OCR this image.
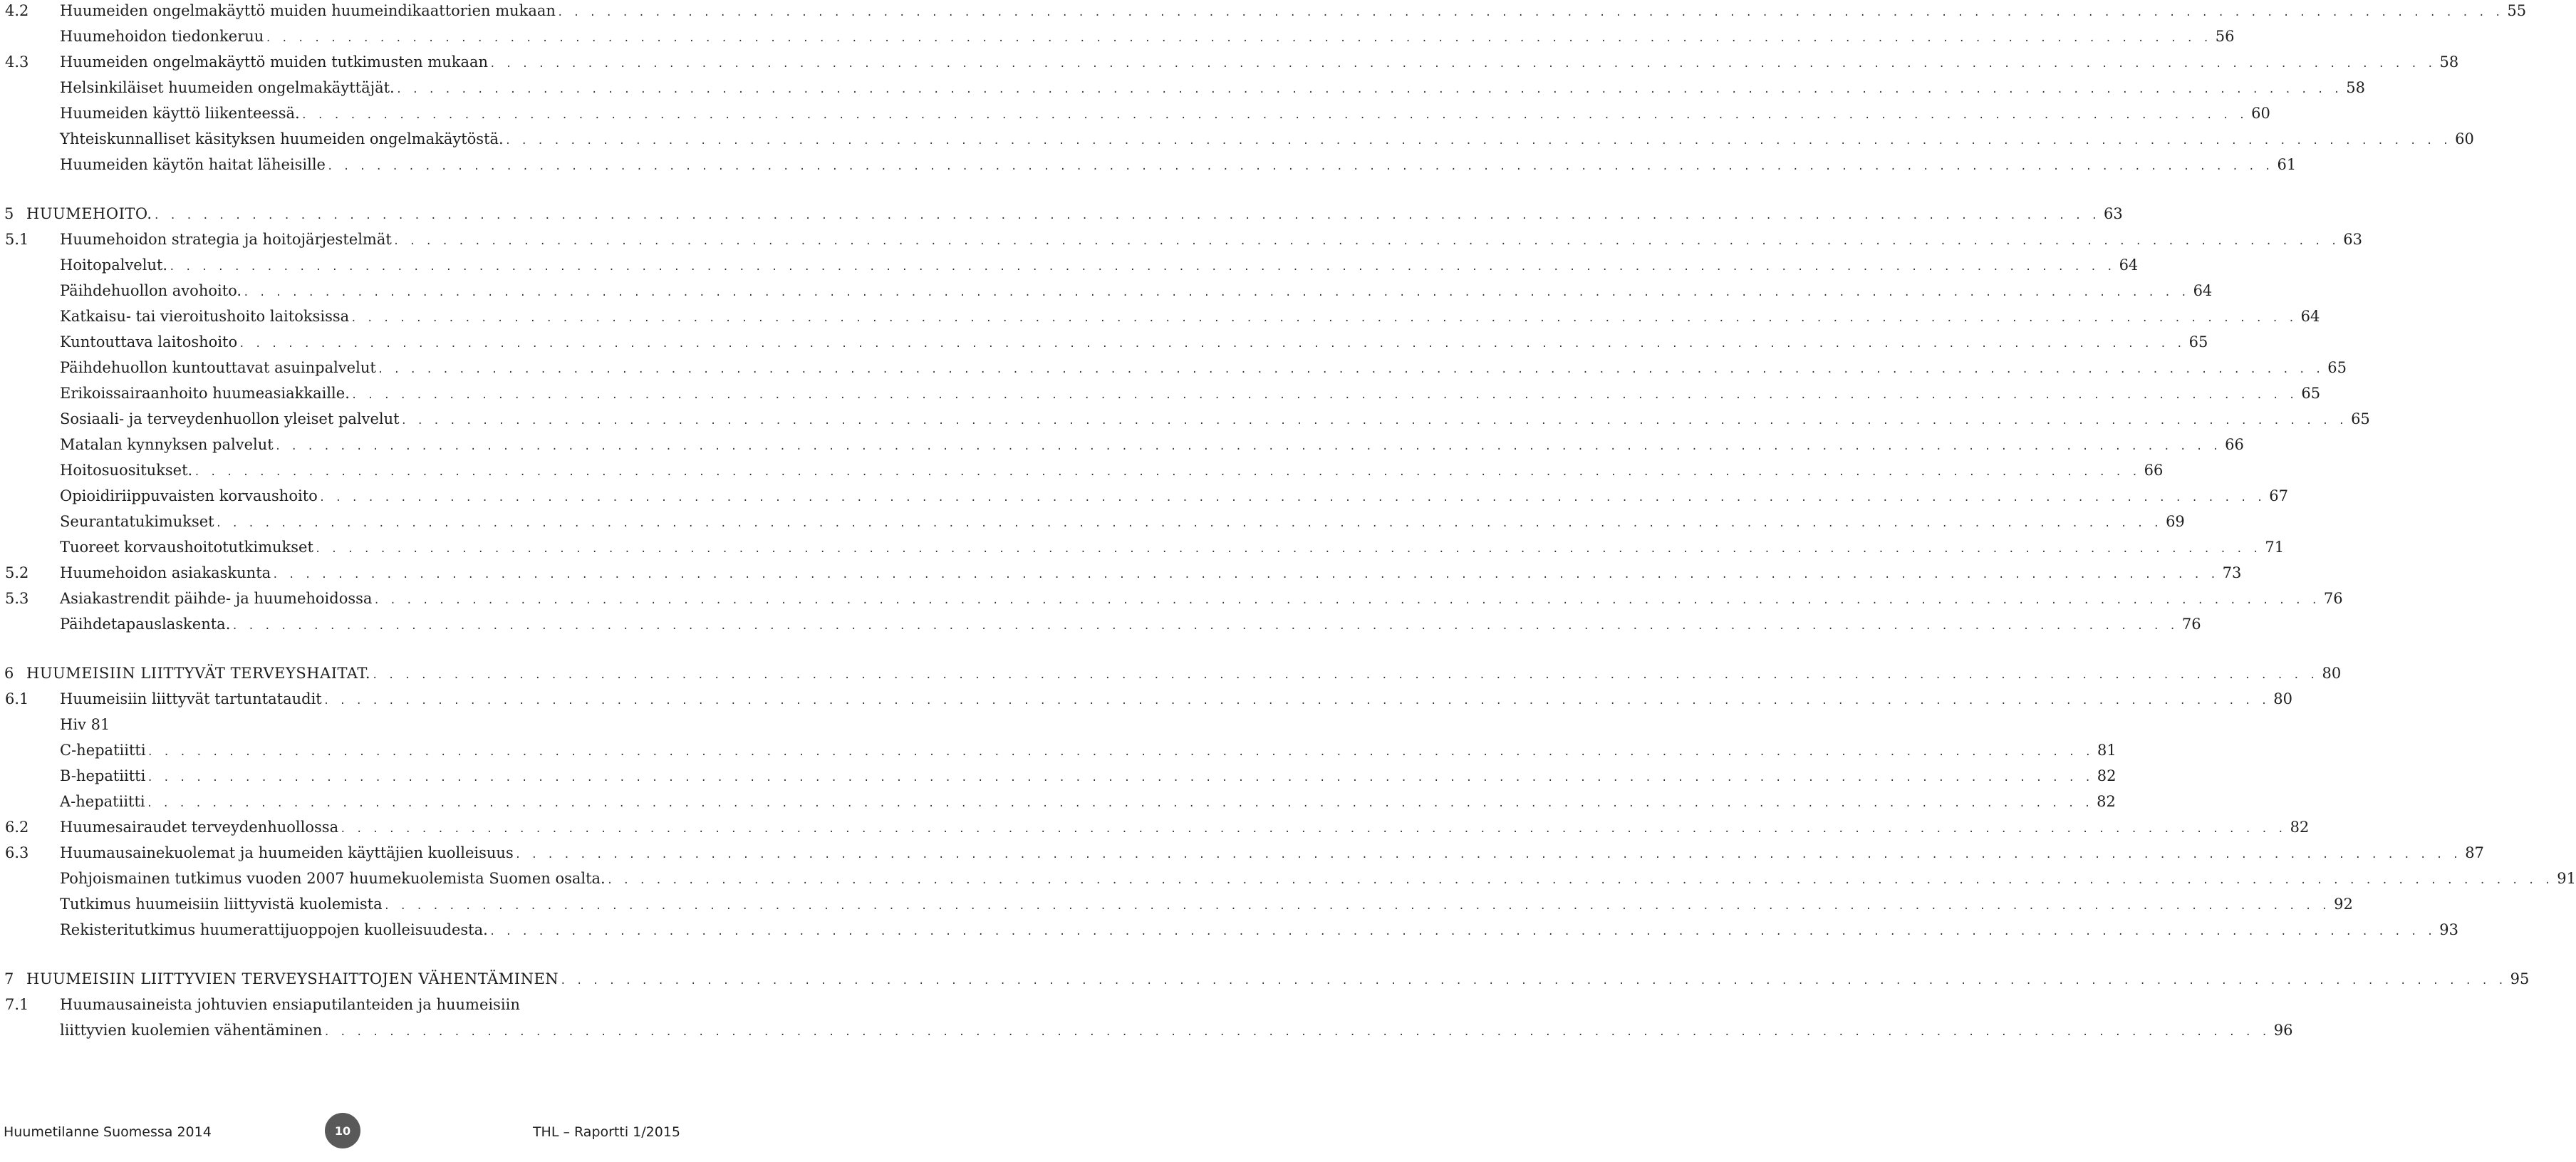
4.2 Huumeiden ongelmakäyttö muiden huumeindikaattorien mukaan . . . . . . . . . . . . . . . . . . . . . . . . . . . . . . . . . . . . . . . . . . . . . . . . . . . . . . . . . . . . . . . . . . . . . . . . . . . . . . . . . . . . . . . . . . . . . . . . . . . . . . . . . . . . . . . . . . . . . . . . 55
Huumehoidon tiedonkeruu . . . . . . . . . . . . . . . . . . . . . . . . . . . . . . . . . . . . . . . . . . . . . . . . . . . . . . . . . . . . . . . . . . . . . . . . . . . . . . . . . . . . . . . . . . . . . . . . . . . . . . . . . . . . . . . . . . . . . . . . 56
4.3 Huumeiden ongelmakäyttö muiden tutkimusten mukaan . . . . . . . . . . . . . . . . . . . . . . . . . . . . . . . . . . . . . . . . . . . . . . . . . . . . . . . . . . . . . . . . . . . . . . . . . . . . . . . . . . . . . . . . . . . . . . . . . . . . . . . . . . . . . . . . . . . . . . . . 58
Helsinkiläiset huumeiden ongelmakäyttäjät. . . . . . . . . . . . . . . . . . . . . . . . . . . . . . . . . . . . . . . . . . . . . . . . . . . . . . . . . . . . . . . . . . . . . . . . . . . . . . . . . . . . . . . . . . . . . . . . . . . . . . . . . . . . . . . . . . . . . . . . . 58
Huumeiden käyttö liikenteessä. . . . . . . . . . . . . . . . . . . . . . . . . . . . . . . . . . . . . . . . . . . . . . . . . . . . . . . . . . . . . . . . . . . . . . . . . . . . . . . . . . . . . . . . . . . . . . . . . . . . . . . . . . . . . . . . . . . . . . . . . 60
Yhteiskunnalliset käsityksen huumeiden ongelmakäytöstä. . . . . . . . . . . . . . . . . . . . . . . . . . . . . . . . . . . . . . . . . . . . . . . . . . . . . . . . . . . . . . . . . . . . . . . . . . . . . . . . . . . . . . . . . . . . . . . . . . . . . . . . . . . . . . . . . . . . . . . . . 60
Huumeiden käytön haitat läheisille . . . . . . . . . . . . . . . . . . . . . . . . . . . . . . . . . . . . . . . . . . . . . . . . . . . . . . . . . . . . . . . . . . . . . . . . . . . . . . . . . . . . . . . . . . . . . . . . . . . . . . . . . . . . . . . . . . . . . . . . 61
5 HUUMEHOITO. . . . . . . . . . . . . . . . . . . . . . . . . . . . . . . . . . . . . . . . . . . . . . . . . . . . . . . . . . . . . . . . . . . . . . . . . . . . . . . . . . . . . . . . . . . . . . . . . . . . . . . . . . . . . . . . . . . . . . . . . 63
5.1 Huumehoidon strategia ja hoitojärjestelmät . . . . . . . . . . . . . . . . . . . . . . . . . . . . . . . . . . . . . . . . . . . . . . . . . . . . . . . . . . . . . . . . . . . . . . . . . . . . . . . . . . . . . . . . . . . . . . . . . . . . . . . . . . . . . . . . . . . . . . . . 63
Hoitopalvelut. . . . . . . . . . . . . . . . . . . . . . . . . . . . . . . . . . . . . . . . . . . . . . . . . . . . . . . . . . . . . . . . . . . . . . . . . . . . . . . . . . . . . . . . . . . . . . . . . . . . . . . . . . . . . . . . . . . . . . . . . 64
Päihdehuollon avohoito. . . . . . . . . . . . . . . . . . . . . . . . . . . . . . . . . . . . . . . . . . . . . . . . . . . . . . . . . . . . . . . . . . . . . . . . . . . . . . . . . . . . . . . . . . . . . . . . . . . . . . . . . . . . . . . . . . . . . . . . . 64
Katkaisu- tai vieroitushoito laitoksissa . . . . . . . . . . . . . . . . . . . . . . . . . . . . . . . . . . . . . . . . . . . . . . . . . . . . . . . . . . . . . . . . . . . . . . . . . . . . . . . . . . . . . . . . . . . . . . . . . . . . . . . . . . . . . . . . . . . . . . . . 64
Kuntouttava laitoshoito . . . . . . . . . . . . . . . . . . . . . . . . . . . . . . . . . . . . . . . . . . . . . . . . . . . . . . . . . . . . . . . . . . . . . . . . . . . . . . . . . . . . . . . . . . . . . . . . . . . . . . . . . . . . . . . . . . . . . . . . 65
Päihdehuollon kuntouttavat asuinpalvelut . . . . . . . . . . . . . . . . . . . . . . . . . . . . . . . . . . . . . . . . . . . . . . . . . . . . . . . . . . . . . . . . . . . . . . . . . . . . . . . . . . . . . . . . . . . . . . . . . . . . . . . . . . . . . . . . . . . . . . . . 65
Erikoissairaanhoito huumeasiakkaille. . . . . . . . . . . . . . . . . . . . . . . . . . . . . . . . . . . . . . . . . . . . . . . . . . . . . . . . . . . . . . . . . . . . . . . . . . . . . . . . . . . . . . . . . . . . . . . . . . . . . . . . . . . . . . . . . . . . . . . . . 65
Sosiaali- ja terveydenhuollon yleiset palvelut . . . . . . . . . . . . . . . . . . . . . . . . . . . . . . . . . . . . . . . . . . . . . . . . . . . . . . . . . . . . . . . . . . . . . . . . . . . . . . . . . . . . . . . . . . . . . . . . . . . . . . . . . . . . . . . . . . . . . . . . 65
Matalan kynnyksen palvelut . . . . . . . . . . . . . . . . . . . . . . . . . . . . . . . . . . . . . . . . . . . . . . . . . . . . . . . . . . . . . . . . . . . . . . . . . . . . . . . . . . . . . . . . . . . . . . . . . . . . . . . . . . . . . . . . . . . . . . . . 66
Hoitosuositukset. . . . . . . . . . . . . . . . . . . . . . . . . . . . . . . . . . . . . . . . . . . . . . . . . . . . . . . . . . . . . . . . . . . . . . . . . . . . . . . . . . . . . . . . . . . . . . . . . . . . . . . . . . . . . . . . . . . . . . . . . 66
Opioidiriippuvaisten korvaushoito . . . . . . . . . . . . . . . . . . . . . . . . . . . . . . . . . . . . . . . . . . . . . . . . . . . . . . . . . . . . . . . . . . . . . . . . . . . . . . . . . . . . . . . . . . . . . . . . . . . . . . . . . . . . . . . . . . . . . . . . 67
Seurantatukimukset . . . . . . . . . . . . . . . . . . . . . . . . . . . . . . . . . . . . . . . . . . . . . . . . . . . . . . . . . . . . . . . . . . . . . . . . . . . . . . . . . . . . . . . . . . . . . . . . . . . . . . . . . . . . . . . . . . . . . . . . 69
Tuoreet korvaushoitotutkimukset . . . . . . . . . . . . . . . . . . . . . . . . . . . . . . . . . . . . . . . . . . . . . . . . . . . . . . . . . . . . . . . . . . . . . . . . . . . . . . . . . . . . . . . . . . . . . . . . . . . . . . . . . . . . . . . . . . . . . . . . 71
5.2 Huumehoidon asiakaskunta . . . . . . . . . . . . . . . . . . . . . . . . . . . . . . . . . . . . . . . . . . . . . . . . . . . . . . . . . . . . . . . . . . . . . . . . . . . . . . . . . . . . . . . . . . . . . . . . . . . . . . . . . . . . . . . . . . . . . . . . 73
5.3 Asiakastrendit päihde- ja huumehoidossa . . . . . . . . . . . . . . . . . . . . . . . . . . . . . . . . . . . . . . . . . . . . . . . . . . . . . . . . . . . . . . . . . . . . . . . . . . . . . . . . . . . . . . . . . . . . . . . . . . . . . . . . . . . . . . . . . . . . . . . . 76
Päihdetapauslaskenta. . . . . . . . . . . . . . . . . . . . . . . . . . . . . . . . . . . . . . . . . . . . . . . . . . . . . . . . . . . . . . . . . . . . . . . . . . . . . . . . . . . . . . . . . . . . . . . . . . . . . . . . . . . . . . . . . . . . . . . . . 76
6 HUUMEISIIN LIITTYVÄT TERVEYSHAITAT. . . . . . . . . . . . . . . . . . . . . . . . . . . . . . . . . . . . . . . . . . . . . . . . . . . . . . . . . . . . . . . . . . . . . . . . . . . . . . . . . . . . . . . . . . . . . . . . . . . . . . . . . . . . . . . . . . . . . . . . . 80
6.1 Huumeisiin liittyvät tartuntataudit . . . . . . . . . . . . . . . . . . . . . . . . . . . . . . . . . . . . . . . . . . . . . . . . . . . . . . . . . . . . . . . . . . . . . . . . . . . . . . . . . . . . . . . . . . . . . . . . . . . . . . . . . . . . . . . . . . . . . . . . 80
Hiv 81
C-hepatiitti . . . . . . . . . . . . . . . . . . . . . . . . . . . . . . . . . . . . . . . . . . . . . . . . . . . . . . . . . . . . . . . . . . . . . . . . . . . . . . . . . . . . . . . . . . . . . . . . . . . . . . . . . . . . . . . . . . . . . . . . 81
B-hepatiitti . . . . . . . . . . . . . . . . . . . . . . . . . . . . . . . . . . . . . . . . . . . . . . . . . . . . . . . . . . . . . . . . . . . . . . . . . . . . . . . . . . . . . . . . . . . . . . . . . . . . . . . . . . . . . . . . . . . . . . . . 82
A-hepatiitti . . . . . . . . . . . . . . . . . . . . . . . . . . . . . . . . . . . . . . . . . . . . . . . . . . . . . . . . . . . . . . . . . . . . . . . . . . . . . . . . . . . . . . . . . . . . . . . . . . . . . . . . . . . . . . . . . . . . . . . . 82
6.2 Huumesairaudet terveydenhuollossa . . . . . . . . . . . . . . . . . . . . . . . . . . . . . . . . . . . . . . . . . . . . . . . . . . . . . . . . . . . . . . . . . . . . . . . . . . . . . . . . . . . . . . . . . . . . . . . . . . . . . . . . . . . . . . . . . . . . . . . . 82
6.3 Huumausainekuolemat ja huumeiden käyttäjien kuolleisuus . . . . . . . . . . . . . . . . . . . . . . . . . . . . . . . . . . . . . . . . . . . . . . . . . . . . . . . . . . . . . . . . . . . . . . . . . . . . . . . . . . . . . . . . . . . . . . . . . . . . . . . . . . . . . . . . . . . . . . . . 87
Pohjoismainen tutkimus vuoden 2007 huumekuolemista Suomen osalta. . . . . . . . . . . . . . . . . . . . . . . . . . . . . . . . . . . . . . . . . . . . . . . . . . . . . . . . . . . . . . . . . . . . . . . . . . . . . . . . . . . . . . . . . . . . . . . . . . . . . . . . . . . . . . . . . . . . . . . . . 91
Tutkimus huumeisiin liittyvistä kuolemista . . . . . . . . . . . . . . . . . . . . . . . . . . . . . . . . . . . . . . . . . . . . . . . . . . . . . . . . . . . . . . . . . . . . . . . . . . . . . . . . . . . . . . . . . . . . . . . . . . . . . . . . . . . . . . . . . . . . . . . . 92
Rekisteritutkimus huumerattijuoppojen kuolleisuudesta. . . . . . . . . . . . . . . . . . . . . . . . . . . . . . . . . . . . . . . . . . . . . . . . . . . . . . . . . . . . . . . . . . . . . . . . . . . . . . . . . . . . . . . . . . . . . . . . . . . . . . . . . . . . . . . . . . . . . . . . . 93
7 HUUMEISIIN LIITTYVIEN TERVEYSHAITTOJEN VÄHENTÄMINEN . . . . . . . . . . . . . . . . . . . . . . . . . . . . . . . . . . . . . . . . . . . . . . . . . . . . . . . . . . . . . . . . . . . . . . . . . . . . . . . . . . . . . . . . . . . . . . . . . . . . . . . . . . . . . . . . . . . . . . . . 95
7.1 Huumausaineista johtuvien ensiaputilanteiden ja huumeisiin
liittyvien kuolemien vähentäminen . . . . . . . . . . . . . . . . . . . . . . . . . . . . . . . . . . . . . . . . . . . . . . . . . . . . . . . . . . . . . . . . . . . . . . . . . . . . . . . . . . . . . . . . . . . . . . . . . . . . . . . . . . . . . . . . . . . . . . . . 96
Huumetilanne Suomessa 2014	10	THL – Raportti 1/2015
